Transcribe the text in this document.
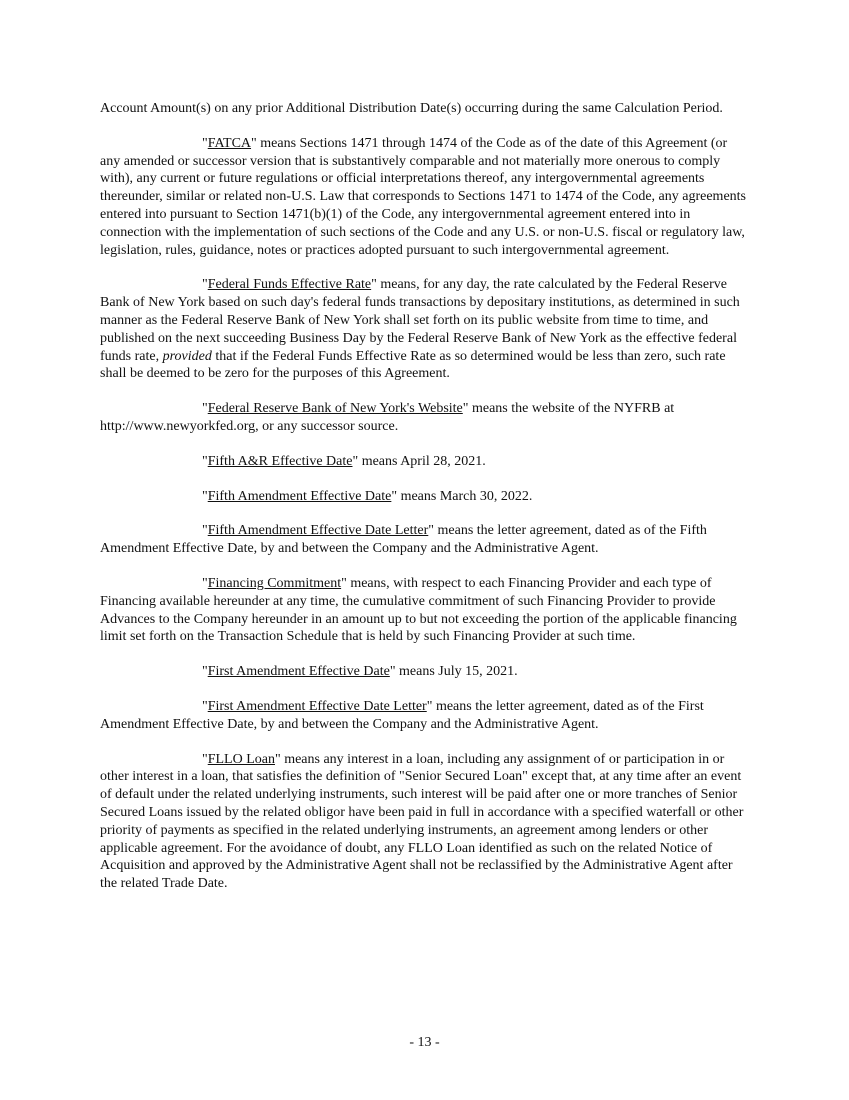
Account Amount(s) on any prior Additional Distribution Date(s) occurring during the same Calculation Period.

"FATCA" means Sections 1471 through 1474 of the Code as of the date of this Agreement (or any amended or successor version that is substantively comparable and not materially more onerous to comply with), any current or future regulations or official interpretations thereof, any intergovernmental agreements thereunder, similar or related non-U.S. Law that corresponds to Sections 1471 to 1474 of the Code, any agreements entered into pursuant to Section 1471(b)(1) of the Code, any intergovernmental agreement entered into in connection with the implementation of such sections of the Code and any U.S. or non-U.S. fiscal or regulatory law, legislation, rules, guidance, notes or practices adopted pursuant to such intergovernmental agreement.

"Federal Funds Effective Rate" means, for any day, the rate calculated by the Federal Reserve Bank of New York based on such day's federal funds transactions by depositary institutions, as determined in such manner as the Federal Reserve Bank of New York shall set forth on its public website from time to time, and published on the next succeeding Business Day by the Federal Reserve Bank of New York as the effective federal funds rate, provided that if the Federal Funds Effective Rate as so determined would be less than zero, such rate shall be deemed to be zero for the purposes of this Agreement.

"Federal Reserve Bank of New York's Website" means the website of the NYFRB at http://www.newyorkfed.org, or any successor source.

"Fifth A&R Effective Date" means April 28, 2021.

"Fifth Amendment Effective Date" means March 30, 2022.

"Fifth Amendment Effective Date Letter" means the letter agreement, dated as of the Fifth Amendment Effective Date, by and between the Company and the Administrative Agent.

"Financing Commitment" means, with respect to each Financing Provider and each type of Financing available hereunder at any time, the cumulative commitment of such Financing Provider to provide Advances to the Company hereunder in an amount up to but not exceeding the portion of the applicable financing limit set forth on the Transaction Schedule that is held by such Financing Provider at such time.

"First Amendment Effective Date" means July 15, 2021.

"First Amendment Effective Date Letter" means the letter agreement, dated as of the First Amendment Effective Date, by and between the Company and the Administrative Agent.

"FLLO Loan" means any interest in a loan, including any assignment of or participation in or other interest in a loan, that satisfies the definition of "Senior Secured Loan" except that, at any time after an event of default under the related underlying instruments, such interest will be paid after one or more tranches of Senior Secured Loans issued by the related obligor have been paid in full in accordance with a specified waterfall or other priority of payments as specified in the related underlying instruments, an agreement among lenders or other applicable agreement. For the avoidance of doubt, any FLLO Loan identified as such on the related Notice of Acquisition and approved by the Administrative Agent shall not be reclassified by the Administrative Agent after the related Trade Date.

- 13 -
